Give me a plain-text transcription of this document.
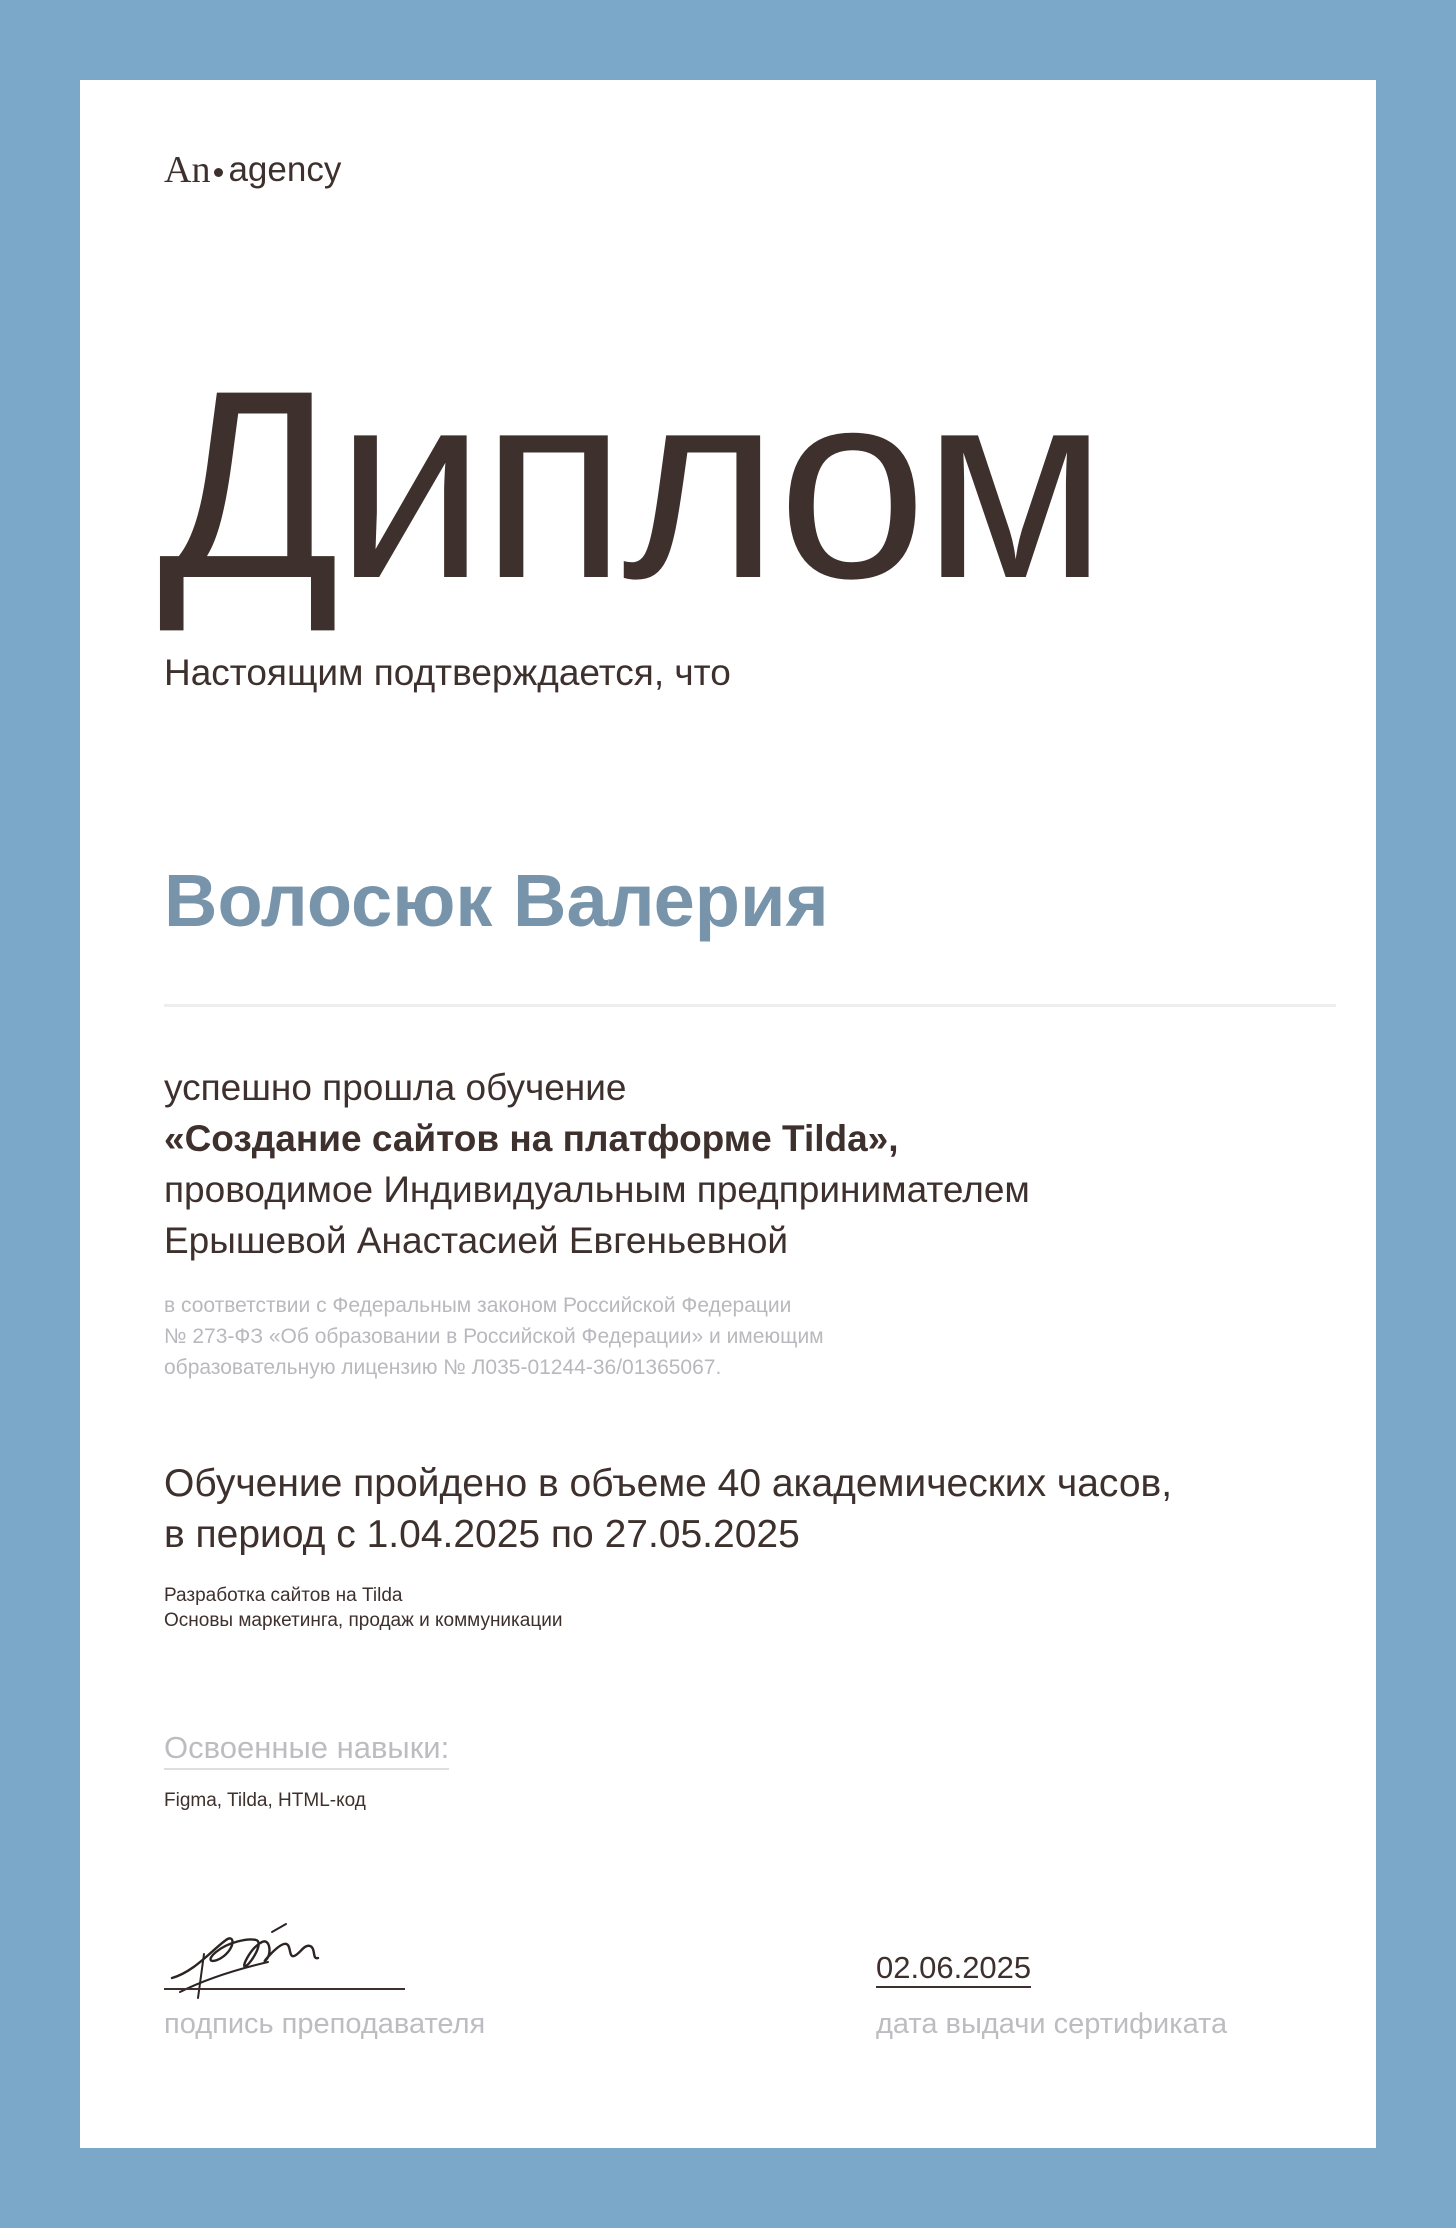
An agency
Диплом
Настоящим подтверждается, что
Волосюк Валерия
успешно прошла обучение
«Создание сайтов на платформе Tilda»,
проводимое Индивидуальным предпринимателем
Ерышевой Анастасией Евгеньевной
в соответствии с Федеральным законом Российской Федерации
№ 273-ФЗ «Об образовании в Российской Федерации» и имеющим
образовательную лицензию № Л035-01244-36/01365067.
Обучение пройдено в объеме 40 академических часов,
в период с 1.04.2025 по 27.05.2025
Разработка сайтов на Tilda
Основы маркетинга, продаж и коммуникации
Освоенные навыки:
Figma, Tilda, HTML-код
подпись преподавателя
02.06.2025
дата выдачи сертификата
